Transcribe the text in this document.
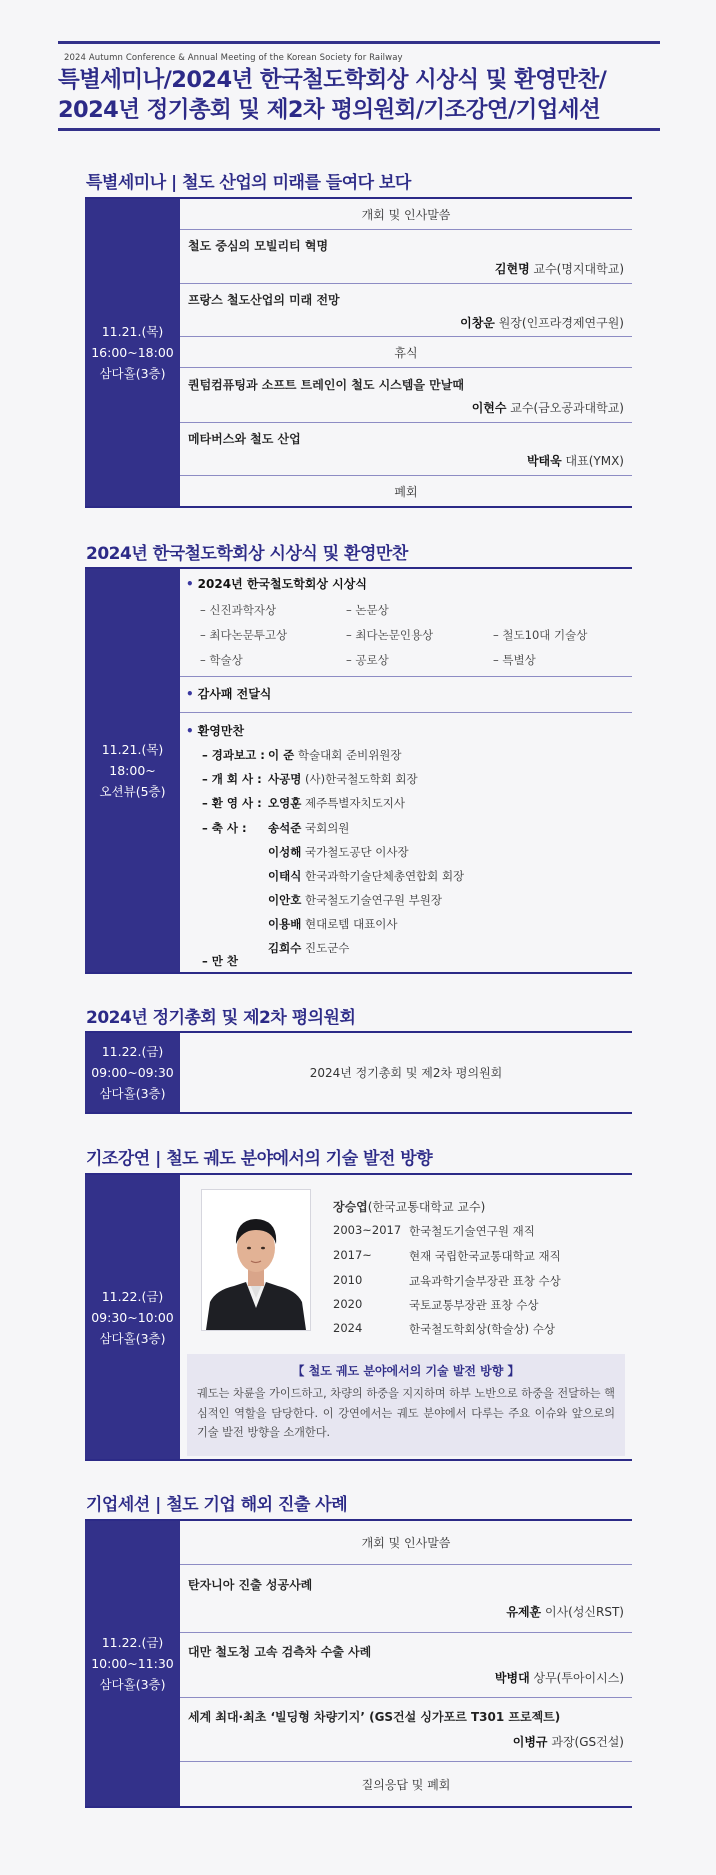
2024 Autumn Conference & Annual Meeting of the Korean Society for Railway
특별세미나/2024년 한국철도학회상 시상식 및 환영만찬/
2024년 정기총회 및 제2차 평의원회/기조강연/기업세션
특별세미나 | 철도 산업의 미래를 들여다 보다
11.21.(목)
16:00~18:00
삼다홀(3층)
개회 및 인사말씀
철도 중심의 모빌리티 혁명
김현명 교수(명지대학교)
프랑스 철도산업의 미래 전망
이창운 원장(인프라경제연구원)
휴식
퀀텀컴퓨팅과 소프트 트레인이 철도 시스템을 만날때
이현수 교수(금오공과대학교)
메타버스와 철도 산업
박태욱 대표(YMX)
폐회
2024년 한국철도학회상 시상식 및 환영만찬
11.21.(목)
18:00~
오션뷰(5층)
• 2024년 한국철도학회상 시상식
– 신진과학자상	– 논문상
– 최다논문투고상	– 최다논문인용상	– 철도10대 기술상
– 학술상	– 공로상	– 특별상
• 감사패 전달식
• 환영만찬
– 경과보고 : 이 준 학술대회 준비위원장
– 개 회 사 : 사공명 (사)한국철도학회 회장
– 환 영 사 : 오영훈 제주특별자치도지사
– 축 사 : 송석준 국회의원
이성해 국가철도공단 이사장
이태식 한국과학기술단체총연합회 회장
이안호 한국철도기술연구원 부원장
이용배 현대로템 대표이사
김희수 진도군수
– 만 찬
2024년 정기총회 및 제2차 평의원회
11.22.(금)
09:00~09:30
삼다홀(3층)
2024년 정기총회 및 제2차 평의원회
기조강연 | 철도 궤도 분야에서의 기술 발전 방향
11.22.(금)
09:30~10:00
삼다홀(3층)
장승엽(한국교통대학교 교수)
2003~2017 한국철도기술연구원 재직
2017~	현재 국립한국교통대학교 재직
2010	교육과학기술부장관 표창 수상
2020	국토교통부장관 표창 수상
2024	한국철도학회상(학술상) 수상
【 철도 궤도 분야에서의 기술 발전 방향 】
궤도는 차륜을 가이드하고, 차량의 하중을 지지하며 하부 노반으로 하중을 전달하는 핵심적인 역할을 담당한다. 이 강연에서는 궤도 분야에서 다루는 주요 이슈와 앞으로의 기술 발전 방향을 소개한다.
기업세션 | 철도 기업 해외 진출 사례
11.22.(금)
10:00~11:30
삼다홀(3층)
개회 및 인사말씀
탄자니아 진출 성공사례
유제훈 이사(성신RST)
대만 철도청 고속 검측차 수출 사례
박병대 상무(투아이시스)
세계 최대·최초 ‘빌딩형 차량기지’ (GS건설 싱가포르 T301 프로젝트)
이병규 과장(GS건설)
질의응답 및 폐회
